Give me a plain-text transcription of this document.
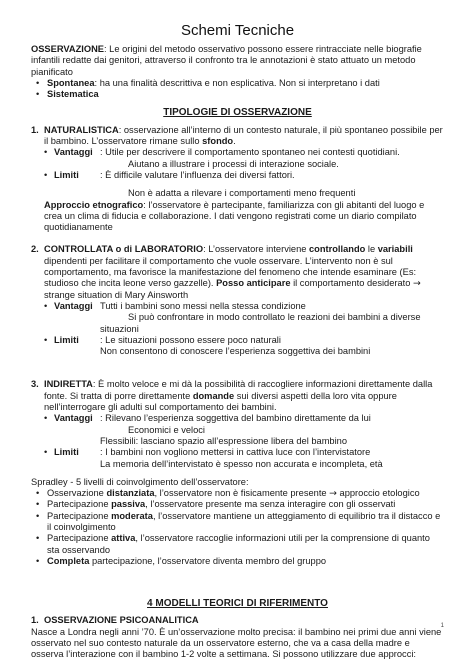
Schemi Tecniche

OSSERVAZIONE: Le origini del metodo osservativo possono essere rintracciate nelle biografie infantili redatte dai genitori, attraverso il confronto tra le annotazioni è stato attuato un metodo pianificato

• Spontanea: ha una finalità descrittiva e non esplicativa. Non si interpretano i dati
• Sistematica
TIPOLOGIE DI OSSERVAZIONE
1. NATURALISTICA: osservazione all’interno di un contesto naturale, il più spontaneo possibile per il bambino. L’osservatore rimane sullo sfondo.
• Vantaggi : Utile per descrivere il comportamento spontaneo nei contesti quotidiani.
Aiutano a illustrare i processi di interazione sociale.
• Limiti	: È difficile valutare l’influenza dei diversi fattori.
Non è adatta a rilevare i comportamenti meno frequenti

Approccio etnografico: l’osservatore è partecipante, familiarizza con gli abitanti del luogo e crea un clima di fiducia e collaborazione. I dati vengono registrati come un diario compilato quotidianamente

2. CONTROLLATA o di LABORATORIO: L’osservatore interviene controllando le variabili dipendenti per facilitare il comportamento che vuole osservare. L’intervento non è sul comportamento, ma favorisce la manifestazione del fenomeno che intende esaminare (Es: studioso che incita leone verso gazzelle). Posso anticipare il comportamento desiderato → strange situation di Mary Ainsworth
• Vantaggi Tutti i bambini sono messi nella stessa condizione
Si può confrontare in modo controllato le reazioni dei bambini a diverse
situazioni
• Limiti	: Le situazioni possono essere poco naturali
Non consentono di conoscere l’esperienza soggettiva dei bambini
3. INDIRETTA: È molto veloce e mi dà la possibilità di raccogliere informazioni direttamente dalla fonte. Si tratta di porre direttamente domande sui diversi aspetti della loro vita oppure nell’interrogare gli adulti sul comportamento dei bambini.
• Vantaggi : Rilevano l’esperienza soggettiva del bambino direttamente da lui
Economici e veloci
Flessibili: lasciano spazio all’espressione libera del bambino
• Limiti	: I bambini non vogliono mettersi in cattiva luce con l’intervistatore
La memoria dell’intervistato è spesso non accurata e incompleta, età

Spradley - 5 livelli di coinvolgimento dell’osservatore:

• Osservazione distanziata, l’osservatore non è fisicamente presente → approccio etologico
• Partecipazione passiva, l’osservatore presente ma senza interagire con gli osservati
• Partecipazione moderata, l’osservatore mantiene un atteggiamento di equilibrio tra il distacco e il coinvolgimento
• Partecipazione attiva, l’osservatore raccoglie informazioni utili per la comprensione di quanto sta osservando
• Completa partecipazione, l’osservatore diventa membro del gruppo
4 MODELLI TEORICI DI RIFERIMENTO
1. OSSERVAZIONE PSICOANALITICA

Nasce a Londra negli anni ’70. È un’osservazione molto precisa: il bambino nei primi due anni viene osservato nel suo contesto naturale da un osservatore esterno, che va a casa della madre e osserva l’interazione con il bambino 1-2 volte a settimana. Si possono utilizzare due approcci:

1
